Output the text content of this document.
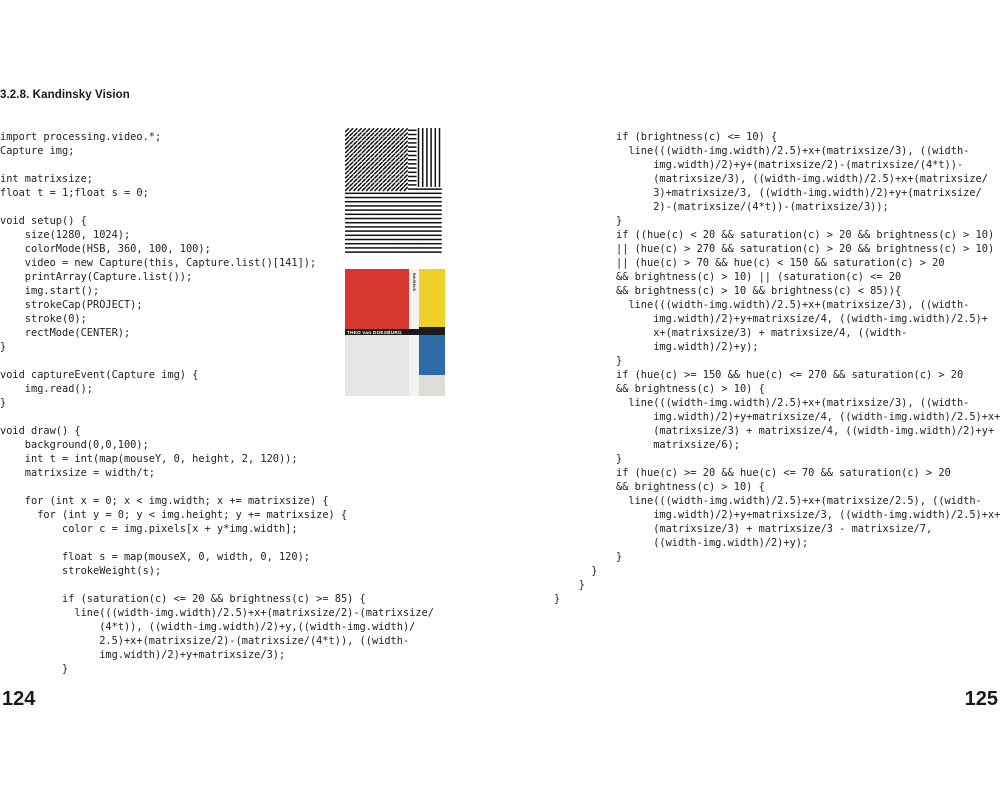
3.2.8. Kandinsky Vision
import processing.video.*;
Capture img;

int matrixsize;
float t = 1;float s = 0;

void setup() {
size(1280, 1024);
colorMode(HSB, 360, 100, 100);
video = new Capture(this, Capture.list()[141]);
printArray(Capture.list());
img.start();
strokeCap(PROJECT);
stroke(0);
rectMode(CENTER);
}

void captureEvent(Capture img) {
img.read();
}

void draw() {
background(0,0,100);
int t = int(map(mouseY, 0, height, 2, 120));
matrixsize = width/t;

for (int x = 0; x < img.width; x += matrixsize) {
for (int y = 0; y < img.height; y += matrixsize) {
color c = img.pixels[x + y*img.width];

float s = map(mouseX, 0, width, 0, 120);
strokeWeight(s);

if (saturation(c) <= 20 && brightness(c) >= 85) {
line(((width-img.width)/2.5)+x+(matrixsize/2)-(matrixsize/
(4*t)), ((width-img.width)/2)+y,((width-img.width)/
2.5)+x+(matrixsize/2)-(matrixsize/(4*t)), ((width-
img.width)/2)+y+matrixsize/3);
}
if (brightness(c) <= 10) {
line(((width-img.width)/2.5)+x+(matrixsize/3), ((width-
img.width)/2)+y+(matrixsize/2)-(matrixsize/(4*t))-
(matrixsize/3), ((width-img.width)/2.5)+x+(matrixsize/
3)+matrixsize/3, ((width-img.width)/2)+y+(matrixsize/
2)-(matrixsize/(4*t))-(matrixsize/3));
}
if ((hue(c) < 20 && saturation(c) > 20 && brightness(c) > 10)
|| (hue(c) > 270 && saturation(c) > 20 && brightness(c) > 10)
|| (hue(c) > 70 && hue(c) < 150 && saturation(c) > 20
&& brightness(c) > 10) || (saturation(c) <= 20
&& brightness(c) > 10 && brightness(c) < 85)){
line(((width-img.width)/2.5)+x+(matrixsize/3), ((width-
img.width)/2)+y+matrixsize/4, ((width-img.width)/2.5)+
x+(matrixsize/3) + matrixsize/4, ((width-
img.width)/2)+y);
}
if (hue(c) >= 150 && hue(c) <= 270 && saturation(c) > 20
&& brightness(c) > 10) {
line(((width-img.width)/2.5)+x+(matrixsize/3), ((width-
img.width)/2)+y+matrixsize/4, ((width-img.width)/2.5)+x+
(matrixsize/3) + matrixsize/4, ((width-img.width)/2)+y+
matrixsize/6);
}
if (hue(c) >= 20 && hue(c) <= 70 && saturation(c) > 20
&& brightness(c) > 10) {
line(((width-img.width)/2.5)+x+(matrixsize/2.5), ((width-
img.width)/2)+y+matrixsize/3, ((width-img.width)/2.5)+x+
(matrixsize/3) + matrixsize/3 - matrixsize/7,
((width-img.width)/2)+y);
}
}
}
}
THEO van DOESBURG
BAUHAUS
124	125
